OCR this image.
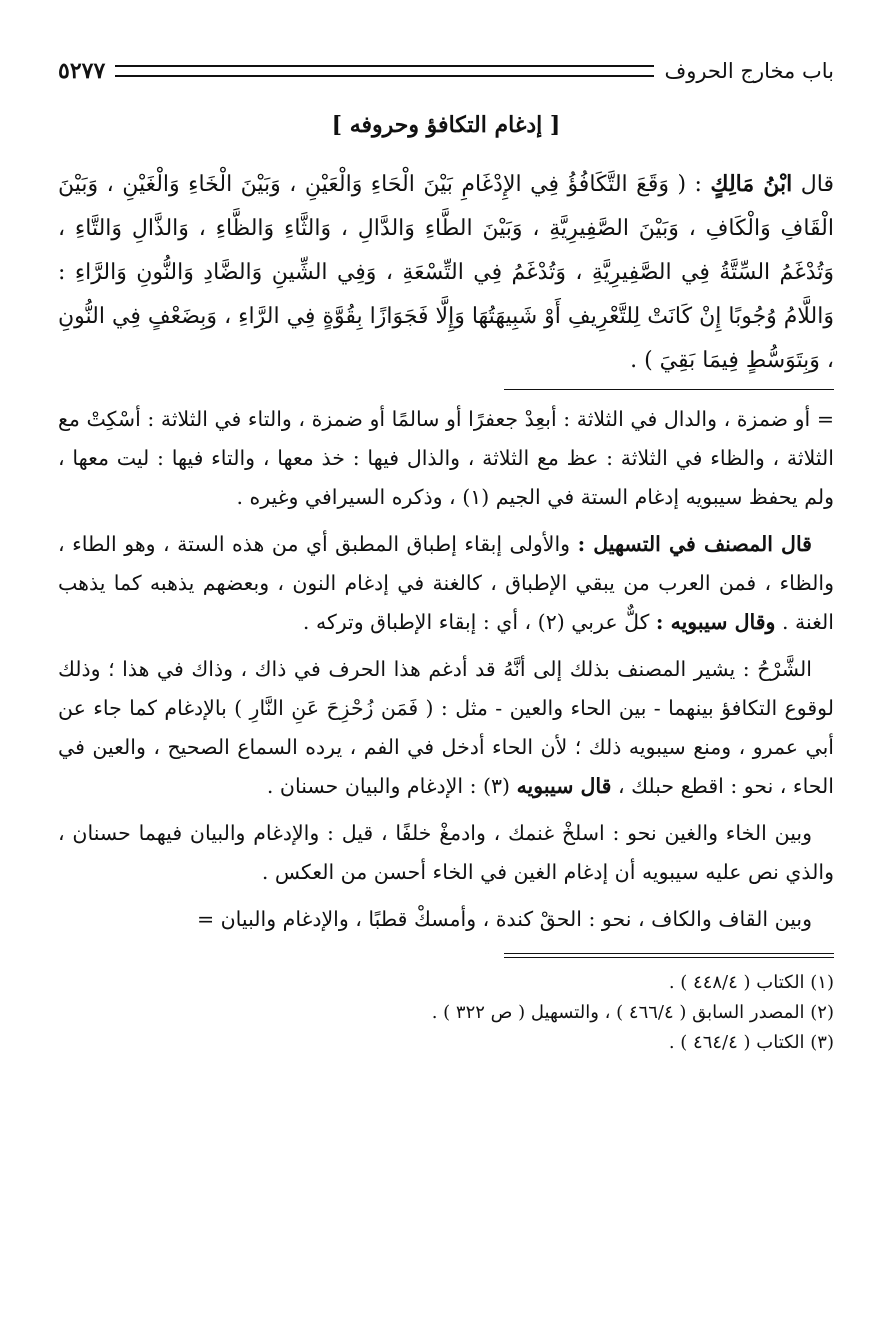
باب مخارج الحروف
٥٢٧٧
[ إدغام التكافؤ وحروفه ]
قال ابْنُ مَالِكٍ : ( وَقَعَ التَّكَافُؤُ فِي الإِدْغَامِ بَيْنَ الْحَاءِ وَالْعَيْنِ ، وَبَيْنَ الْخَاءِ وَالْغَيْنِ ، وَبَيْنَ الْقَافِ وَالْكَافِ ، وَبَيْنَ الصَّفِيرِيَّةِ ، وَبَيْنَ الطَّاءِ وَالدَّالِ ، وَالثَّاءِ وَالظَّاءِ ، وَالذَّالِ وَالتَّاءِ ، وَتُدْغَمُ السِّتَّةُ فِي الصَّفِيرِيَّةِ ، وَتُدْغَمُ فِي التِّسْعَةِ ، وَفِي الشِّينِ وَالضَّادِ وَالنُّونِ وَالرَّاءِ : وَاللَّامُ وُجُوبًا إِنْ كَانَتْ لِلتَّعْرِيفِ أَوْ شَبِيهَتُهَا وَإِلَّا فَجَوَازًا بِقُوَّةٍ فِي الرَّاءِ ، وَبِضَعْفٍ فِي النُّونِ ، وَبِتَوَسُّطٍ فِيمَا بَقِيَ ) .

= أو ضمزة ، والدال في الثلاثة : أبعِدْ جعفرًا أو سالمًا أو ضمزة ، والتاء في الثلاثة : أسْكِتْ مع الثلاثة ، والظاء في الثلاثة : عظ مع الثلاثة ، والذال فيها : خذ معها ، والتاء فيها : ليت معها ، ولم يحفظ سيبويه إدغام الستة في الجيم (١) ، وذكره السيرافي وغيره .

قال المصنف في التسهيل : والأولى إبقاء إطباق المطبق أي من هذه الستة ، وهو الطاء ، والظاء ، فمن العرب من يبقي الإطباق ، كالغنة في إدغام النون ، وبعضهم يذهبه كما يذهب الغنة . وقال سيبويه : كلٌّ عربي (٢) ، أي : إبقاء الإطباق وتركه .

الشَّرْحُ : يشير المصنف بذلك إلى أنَّهُ قد أدغم هذا الحرف في ذاك ، وذاك في هذا ؛ وذلك لوقوع التكافؤ بينهما - بين الحاء والعين - مثل : ( فَمَن زُحْزِحَ عَنِ النَّارِ ) بالإدغام كما جاء عن أبي عمرو ، ومنع سيبويه ذلك ؛ لأن الحاء أدخل في الفم ، يرده السماع الصحيح ، والعين في الحاء ، نحو : اقطع حبلك ، قال سيبويه (٣) : الإدغام والبيان حسنان .

وبين الخاء والغين نحو : اسلخْ غنمك ، وادمغْ خلفًا ، قيل : والإدغام والبيان فيهما حسنان ، والذي نص عليه سيبويه أن إدغام الغين في الخاء أحسن من العكس .

وبين القاف والكاف ، نحو : الحقْ كندة ، وأمسكْ قطبًا ، والإدغام والبيان =

(١) الكتاب ( ٤٤٨/٤ ) .
(٢) المصدر السابق ( ٤٦٦/٤ ) ، والتسهيل ( ص ٣٢٢ ) .
(٣) الكتاب ( ٤٦٤/٤ ) .
